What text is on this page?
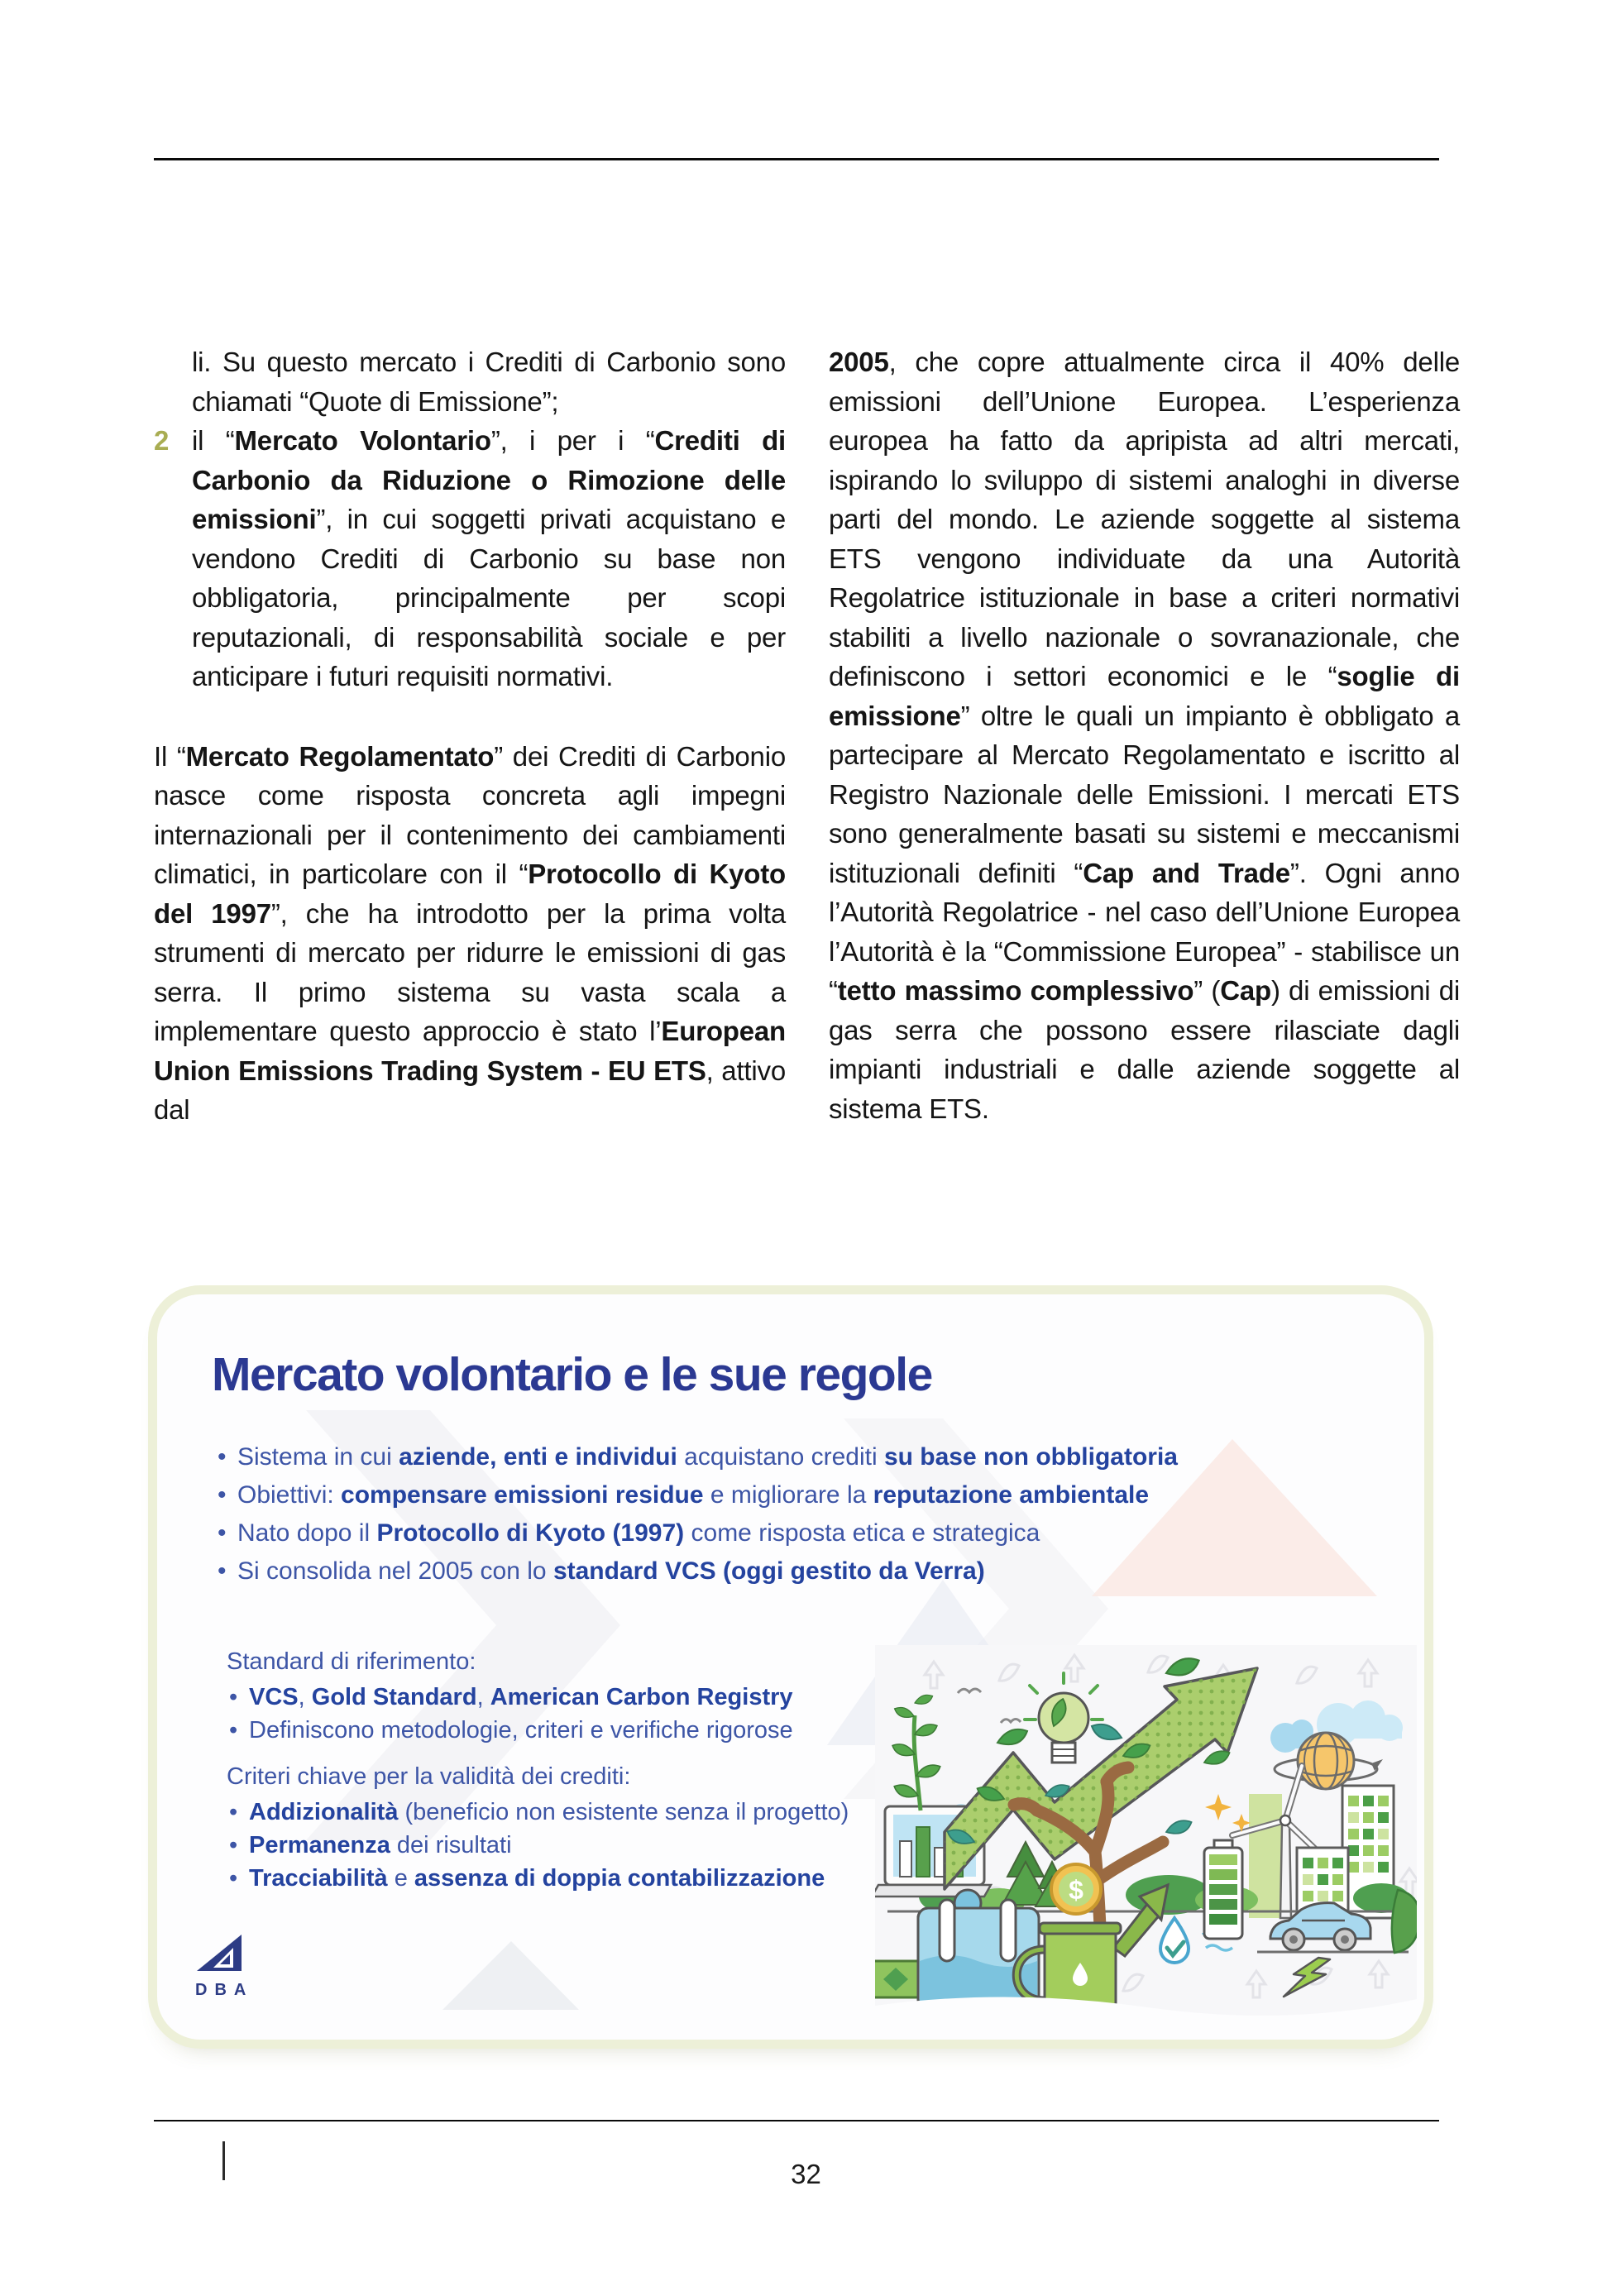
li. Su questo mercato i Crediti di Carbonio sono chiamati “Quote di Emissione”;
2 il “Mercato Volontario”, i per i “Crediti di Carbonio da Riduzione o Rimozione delle emissioni”, in cui soggetti privati acquistano e vendono Crediti di Carbonio su base non obbligatoria, principalmente per scopi reputazionali, di responsabilità sociale e per anticipare i futuri requisiti normativi.
Il “Mercato Regolamentato” dei Crediti di Carbonio nasce come risposta concreta agli impegni internazionali per il contenimento dei cambiamenti climatici, in particolare con il “Protocollo di Kyoto del 1997”, che ha introdotto per la prima volta strumenti di mercato per ridurre le emissioni di gas serra. Il primo sistema su vasta scala a implementare questo approccio è stato l’European Union Emissions Trading System - EU ETS, attivo dal
2005, che copre attualmente circa il 40% delle emissioni dell’Unione Europea. L’esperienza europea ha fatto da apripista ad altri mercati, ispirando lo sviluppo di sistemi analoghi in diverse parti del mondo. Le aziende soggette al sistema ETS vengono individuate da una Autorità Regolatrice istituzionale in base a criteri normativi stabiliti a livello nazionale o sovranazionale, che definiscono i settori economici e le “soglie di emissione” oltre le quali un impianto è obbligato a partecipare al Mercato Regolamentato e iscritto al Registro Nazionale delle Emissioni. I mercati ETS sono generalmente basati su sistemi e meccanismi istituzionali definiti “Cap and Trade”. Ogni anno l’Autorità Regolatrice - nel caso dell’Unione Europea l’Autorità è la “Commissione Europea” - stabilisce un “tetto massimo complessivo” (Cap) di emissioni di gas serra che possono essere rilasciate dagli impianti industriali e dalle aziende soggette al sistema ETS.
Mercato volontario e le sue regole
• Sistema in cui aziende, enti e individui acquistano crediti su base non obbligatoria
• Obiettivi: compensare emissioni residue e migliorare la reputazione ambientale
• Nato dopo il Protocollo di Kyoto (1997) come risposta etica e strategica
• Si consolida nel 2005 con lo standard VCS (oggi gestito da Verra)

Standard di riferimento:

• VCS, Gold Standard, American Carbon Registry
• Definiscono metodologie, criteri e verifiche rigorose

Criteri chiave per la validità dei crediti:

• Addizionalità (beneficio non esistente senza il progetto)
• Permanenza dei risultati
• Tracciabilità e assenza di doppia contabilizzazione
DBA
$
32
